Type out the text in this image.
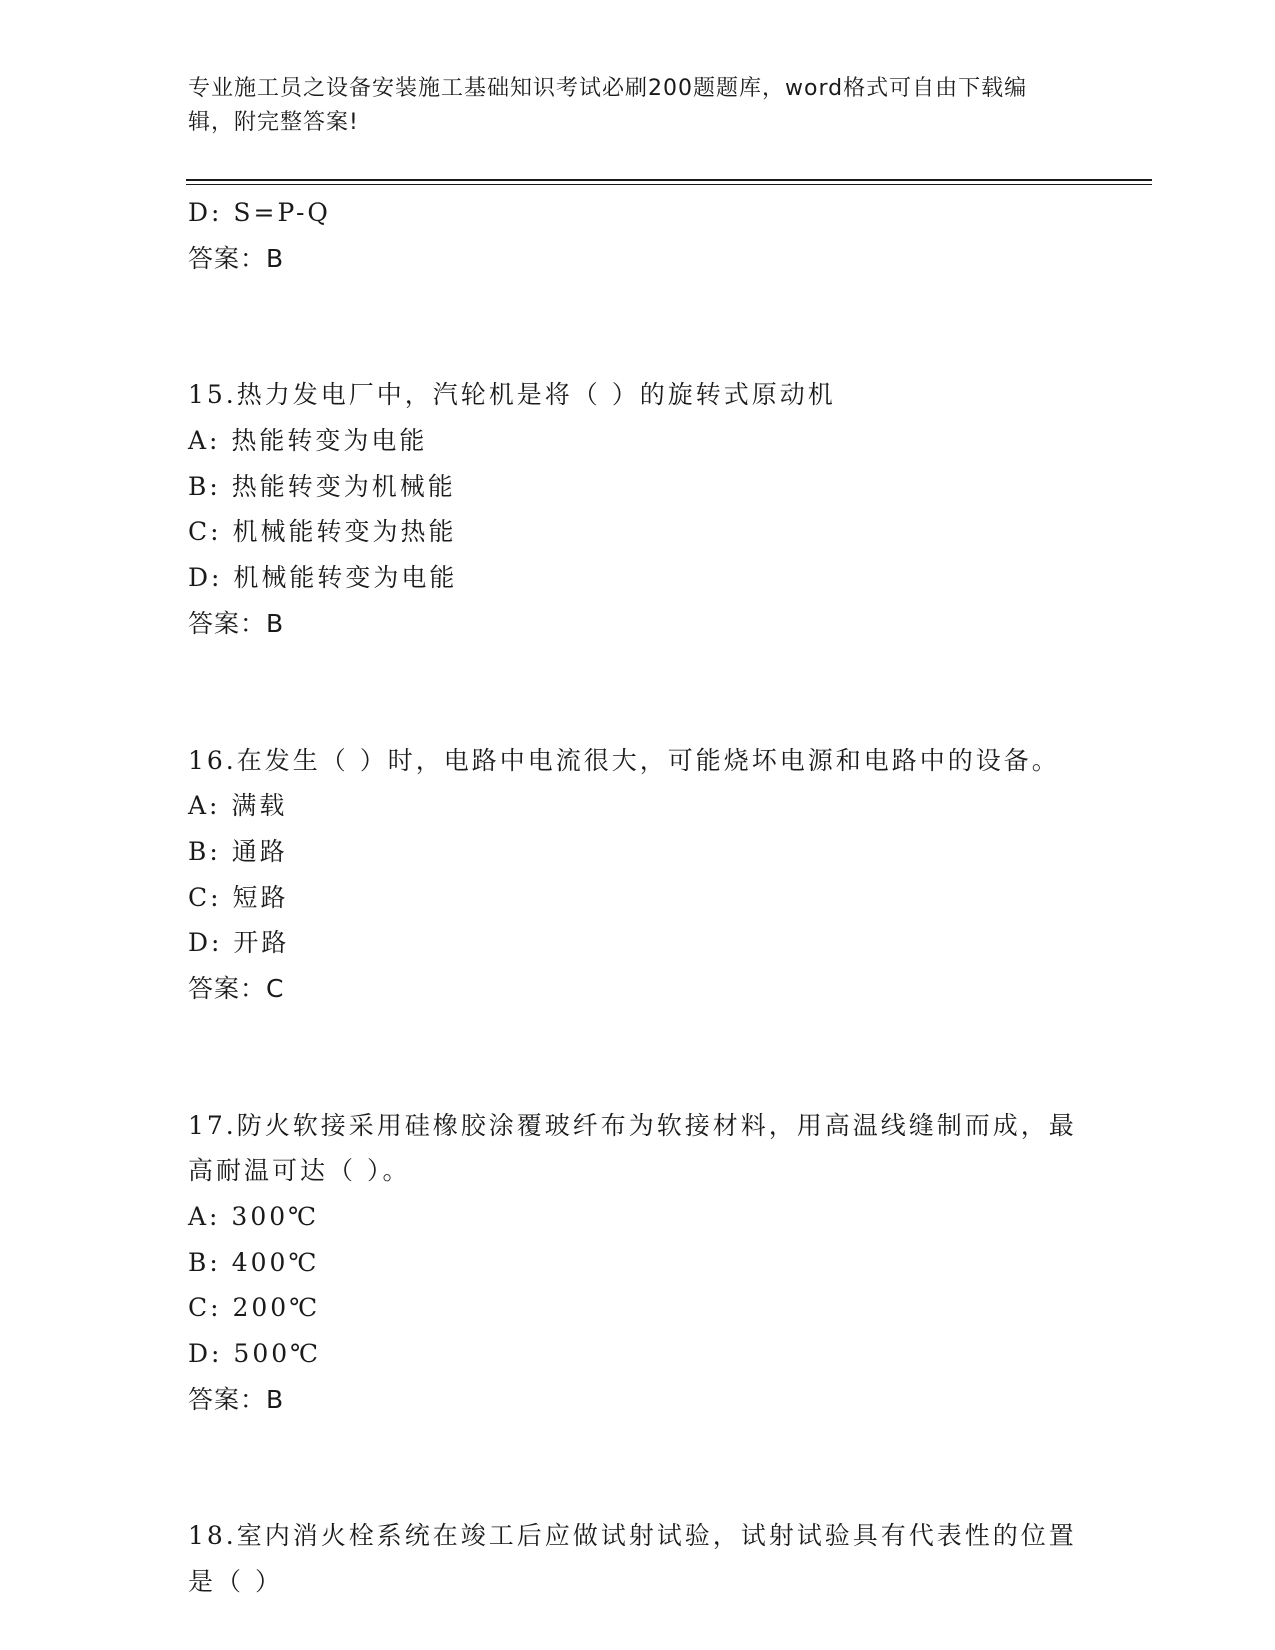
专业施工员之设备安装施工基础知识考试必刷200题题库，word格式可自由下载编辑，附完整答案!
D: S=P-Q
答案：B
15.热力发电厂中，汽轮机是将（ ）的旋转式原动机
A: 热能转变为电能
B: 热能转变为机械能
C: 机械能转变为热能
D: 机械能转变为电能
答案：B
16.在发生（ ）时，电路中电流很大，可能烧坏电源和电路中的设备。
A: 满载
B: 通路
C: 短路
D: 开路
答案：C
17.防火软接采用硅橡胶涂覆玻纤布为软接材料，用高温线缝制而成，最高耐温可达（ ）。
A: 300℃
B: 400℃
C: 200℃
D: 500℃
答案：B
18.室内消火栓系统在竣工后应做试射试验，试射试验具有代表性的位置是（ ）
